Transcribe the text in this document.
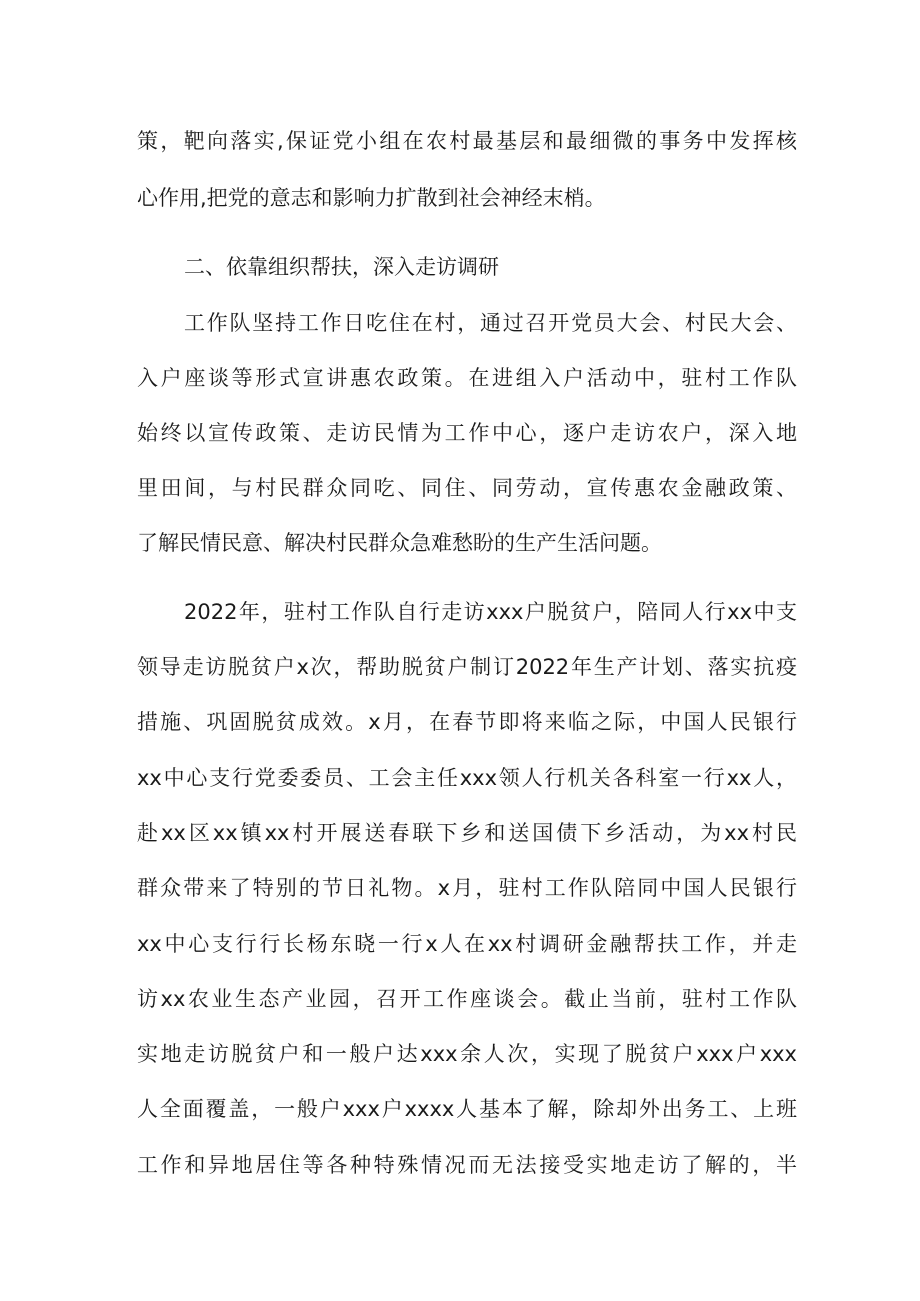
策，靶向落实,保证党小组在农村最基层和最细微的事务中发挥核
心作用,把党的意志和影响力扩散到社会神经末梢。
二、依靠组织帮扶，深入走访调研
工作队坚持工作日吃住在村，通过召开党员大会、村民大会、
入户座谈等形式宣讲惠农政策。在进组入户活动中，驻村工作队
始终以宣传政策、走访民情为工作中心，逐户走访农户，深入地
里田间，与村民群众同吃、同住、同劳动，宣传惠农金融政策、
了解民情民意、解决村民群众急难愁盼的生产生活问题。
2022年，驻村工作队自行走访xxx户脱贫户，陪同人行xx中支
领导走访脱贫户x次，帮助脱贫户制订2022年生产计划、落实抗疫
措施、巩固脱贫成效。x月，在春节即将来临之际，中国人民银行
xx中心支行党委委员、工会主任xxx领人行机关各科室一行xx人，
赴xx区xx镇xx村开展送春联下乡和送国债下乡活动，为xx村民
群众带来了特别的节日礼物。x月，驻村工作队陪同中国人民银行
xx中心支行行长杨东晓一行x人在xx村调研金融帮扶工作，并走
访xx农业生态产业园，召开工作座谈会。截止当前，驻村工作队
实地走访脱贫户和一般户达xxx余人次，实现了脱贫户xxx户xxx
人全面覆盖，一般户xxx户xxxx人基本了解，除却外出务工、上班
工作和异地居住等各种特殊情况而无法接受实地走访了解的，半
